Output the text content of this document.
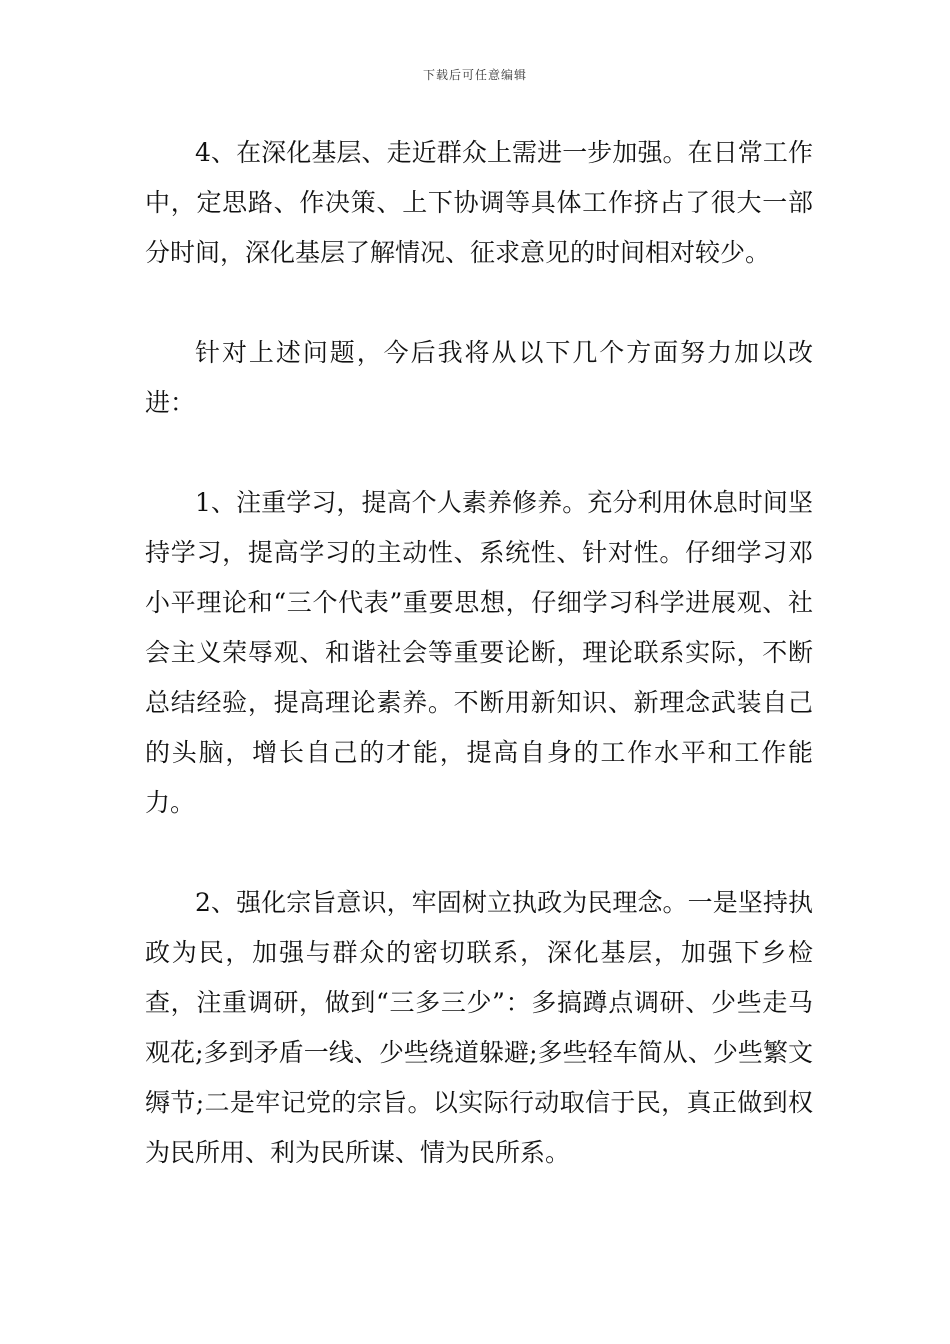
下载后可任意编辑

4、在深化基层、走近群众上需进一步加强。在日常工作中，定思路、作决策、上下协调等具体工作挤占了很大一部分时间，深化基层了解情况、征求意见的时间相对较少。

针对上述问题，今后我将从以下几个方面努力加以改进：

1、注重学习，提高个人素养修养。充分利用休息时间坚持学习，提高学习的主动性、系统性、针对性。仔细学习邓小平理论和“三个代表”重要思想，仔细学习科学进展观、社会主义荣辱观、和谐社会等重要论断，理论联系实际，不断总结经验，提高理论素养。不断用新知识、新理念武装自己的头脑，增长自己的才能，提高自身的工作水平和工作能力。

2、强化宗旨意识，牢固树立执政为民理念。一是坚持执政为民，加强与群众的密切联系，深化基层，加强下乡检查，注重调研，做到“三多三少”：多搞蹲点调研、少些走马观花;多到矛盾一线、少些绕道躲避;多些轻车简从、少些繁文缛节;二是牢记党的宗旨。以实际行动取信于民，真正做到权为民所用、利为民所谋、情为民所系。
